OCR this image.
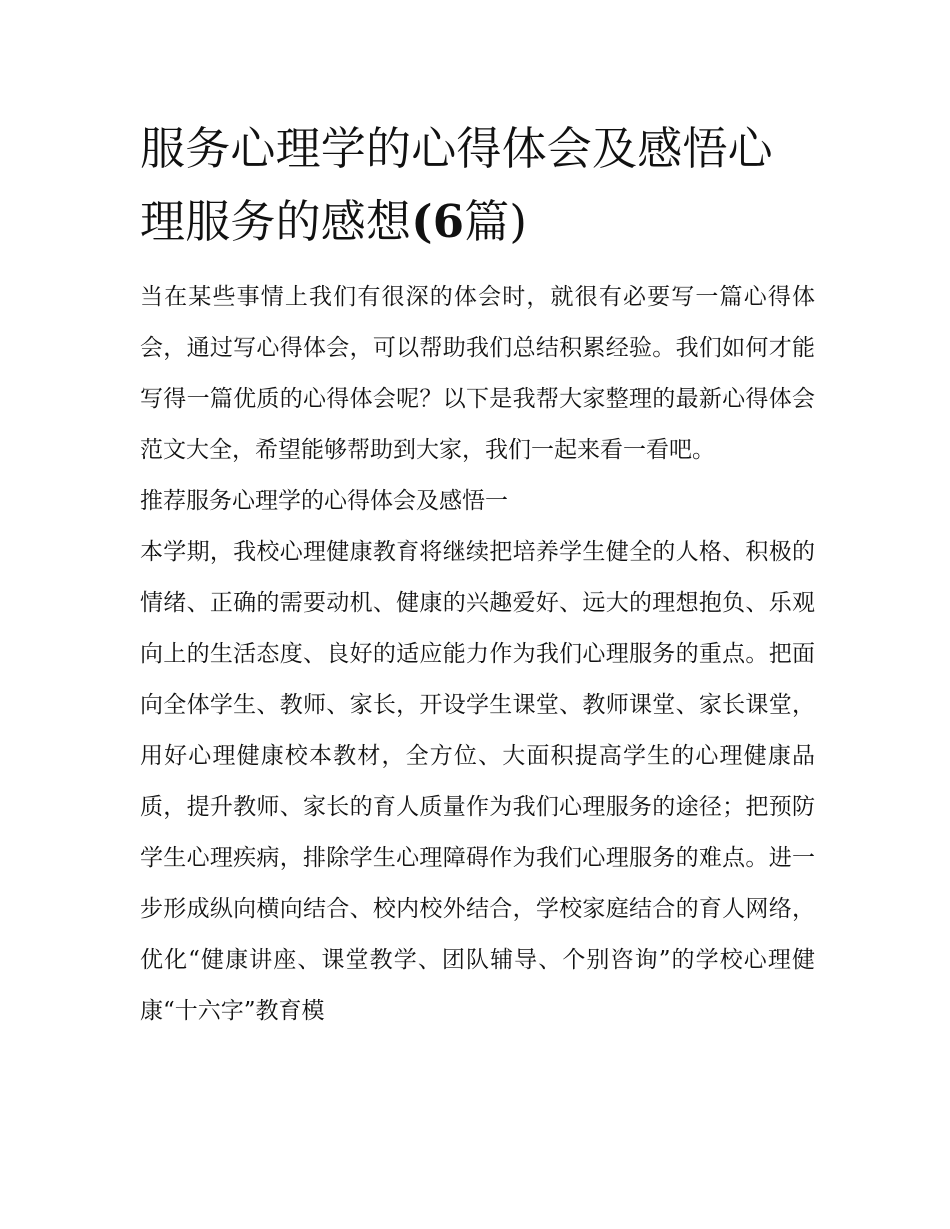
服务心理学的心得体会及感悟心理服务的感想(6篇)

当在某些事情上我们有很深的体会时，就很有必要写一篇心得体会，通过写心得体会，可以帮助我们总结积累经验。我们如何才能写得一篇优质的心得体会呢？以下是我帮大家整理的最新心得体会范文大全，希望能够帮助到大家，我们一起来看一看吧。

推荐服务心理学的心得体会及感悟一

本学期，我校心理健康教育将继续把培养学生健全的人格、积极的情绪、正确的需要动机、健康的兴趣爱好、远大的理想抱负、乐观向上的生活态度、良好的适应能力作为我们心理服务的重点。把面向全体学生、教师、家长，开设学生课堂、教师课堂、家长课堂，用好心理健康校本教材，全方位、大面积提高学生的心理健康品质，提升教师、家长的育人质量作为我们心理服务的途径；把预防学生心理疾病，排除学生心理障碍作为我们心理服务的难点。进一步形成纵向横向结合、校内校外结合，学校家庭结合的育人网络，优化“健康讲座、课堂教学、团队辅导、个别咨询”的学校心理健康“十六字”教育模
